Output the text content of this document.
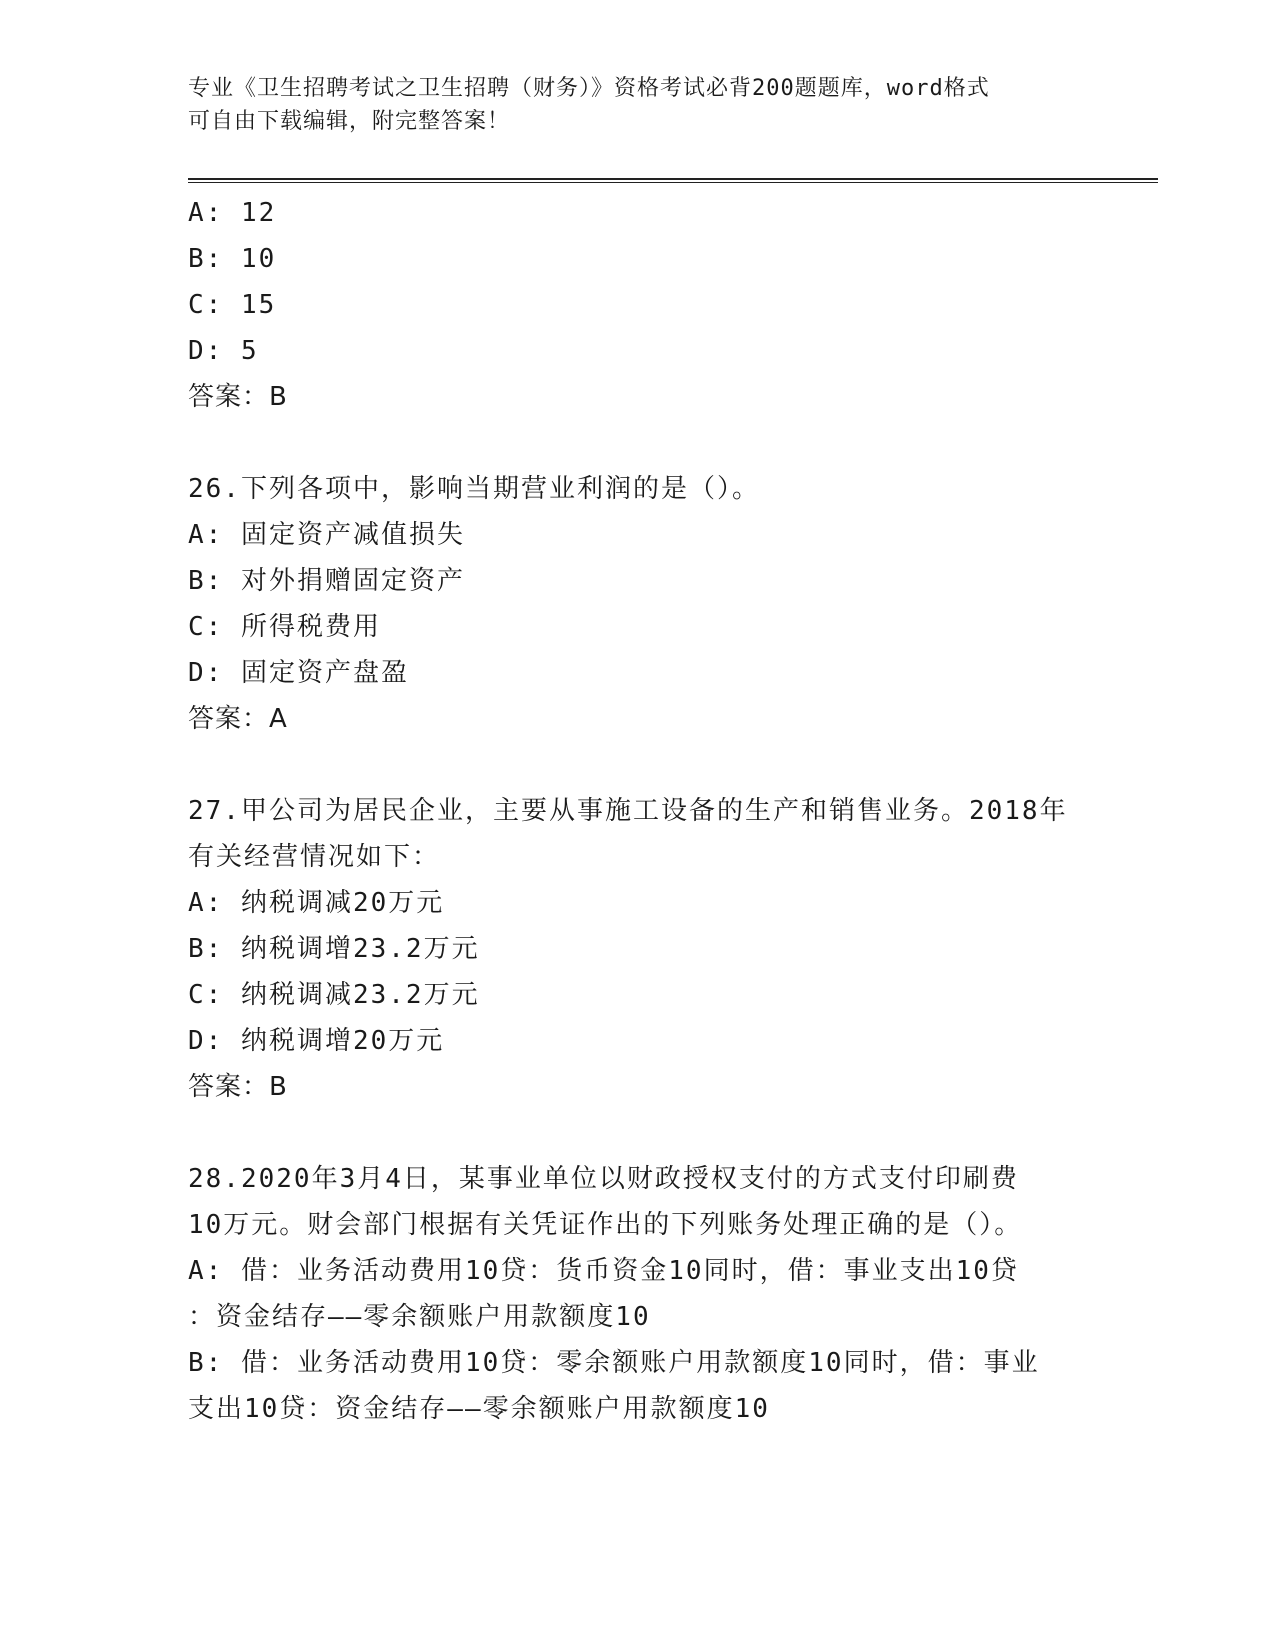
专业《卫生招聘考试之卫生招聘（财务）》资格考试必背200题题库，word格式
可自由下载编辑，附完整答案！
A: 12
B: 10
C: 15
D: 5
答案：B
26.下列各项中，影响当期营业利润的是（）。
A: 固定资产减值损失
B: 对外捐赠固定资产
C: 所得税费用
D: 固定资产盘盈
答案：A
27.甲公司为居民企业，主要从事施工设备的生产和销售业务。2018年
有关经营情况如下：
A: 纳税调减20万元
B: 纳税调增23.2万元
C: 纳税调减23.2万元
D: 纳税调增20万元
答案：B
28.2020年3月4日，某事业单位以财政授权支付的方式支付印刷费
10万元。财会部门根据有关凭证作出的下列账务处理正确的是（）。
A: 借：业务活动费用10贷：货币资金10同时，借：事业支出10贷
：资金结存——零余额账户用款额度10
B: 借：业务活动费用10贷：零余额账户用款额度10同时，借：事业
支出10贷：资金结存——零余额账户用款额度10
